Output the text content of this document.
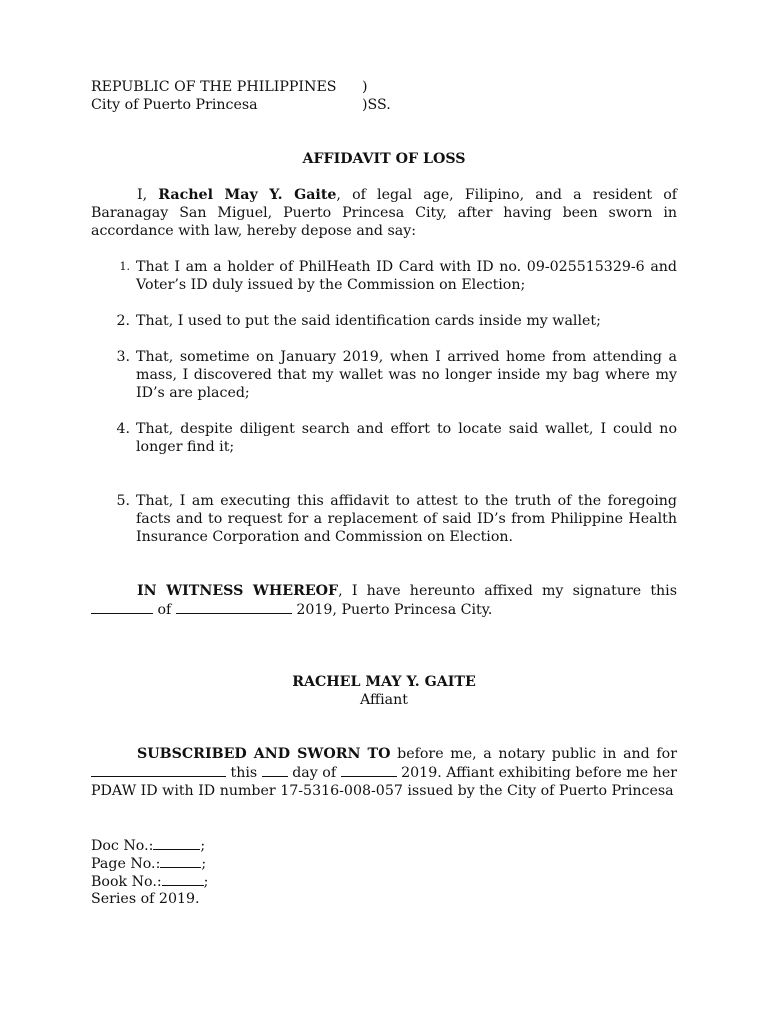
REPUBLIC OF THE PHILIPPINES	)
City of Puerto Princesa	)SS.
AFFIDAVIT OF LOSS

I, Rachel May Y. Gaite, of legal age, Filipino, and a resident of Baranagay San Miguel, Puerto Princesa City, after having been sworn in accordance with law, hereby depose and say:

1. That I am a holder of PhilHeath ID Card with ID no. 09-025515329-6 and Voter’s ID duly issued by the Commission on Election;
2. That, I used to put the said identification cards inside my wallet;
3. That, sometime on January 2019, when I arrived home from attending a mass, I discovered that my wallet was no longer inside my bag where my ID’s are placed;
4. That, despite diligent search and effort to locate said wallet, I could no longer find it;
5. That, I am executing this affidavit to attest to the truth of the foregoing facts and to request for a replacement of said ID’s from Philippine Health Insurance Corporation and Commission on Election.

IN WITNESS WHEREOF, I have hereunto affixed my signature this  of	2019, Puerto Princesa City.

RACHEL MAY Y. GAITE
Affiant

SUBSCRIBED AND SWORN TO before me, a notary public in and for  this  day of	2019. Affiant exhibiting before me her PDAW ID with ID number 17-5316-008-057 issued by the City of Puerto Princesa

Doc No.:	;
Page No.:	;
Book No.:	;
Series of 2019.
